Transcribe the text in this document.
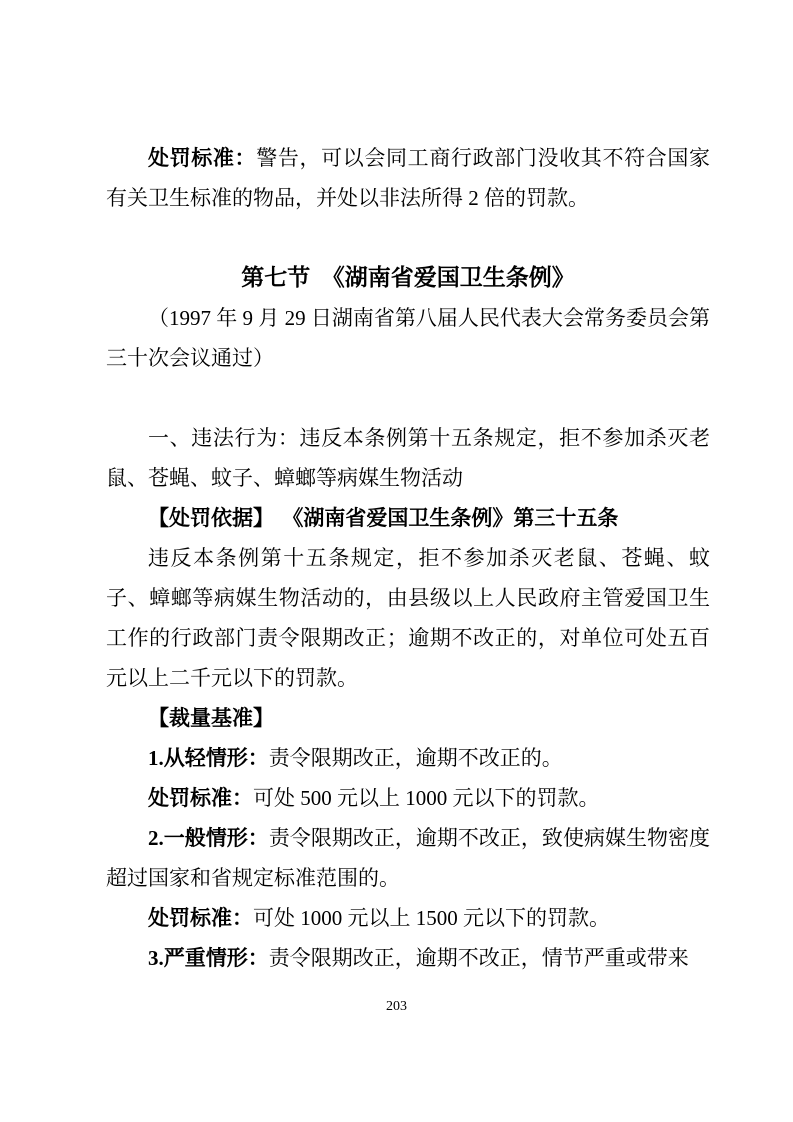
处罚标准：警告，可以会同工商行政部门没收其不符合国家有关卫生标准的物品，并处以非法所得 2 倍的罚款。

第七节　《湖南省爱国卫生条例》

（1997 年 9 月 29 日湖南省第八届人民代表大会常务委员会第三十次会议通过）

一、违法行为：违反本条例第十五条规定，拒不参加杀灭老鼠、苍蝇、蚊子、蟑螂等病媒生物活动

【处罚依据】 《湖南省爱国卫生条例》第三十五条

违反本条例第十五条规定，拒不参加杀灭老鼠、苍蝇、蚊子、蟑螂等病媒生物活动的，由县级以上人民政府主管爱国卫生工作的行政部门责令限期改正；逾期不改正的，对单位可处五百元以上二千元以下的罚款。

【裁量基准】

1.从轻情形：责令限期改正，逾期不改正的。

处罚标准：可处 500 元以上 1000 元以下的罚款。

2.一般情形：责令限期改正，逾期不改正，致使病媒生物密度超过国家和省规定标准范围的。

处罚标准：可处 1000 元以上 1500 元以下的罚款。

3.严重情形：责令限期改正，逾期不改正，情节严重或带来

203
